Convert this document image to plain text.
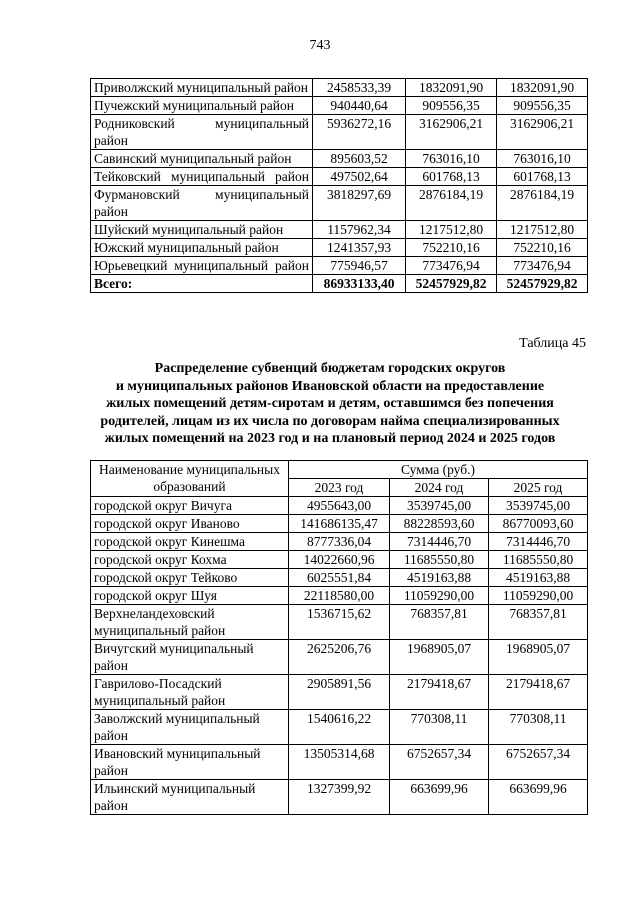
743
Приволжский муниципальный район	2458533,39	1832091,90	1832091,90
Пучежский муниципальный район	940440,64	909556,35	909556,35
Родниковский муниципальный район	5936272,16	3162906,21	3162906,21
Савинский муниципальный район	895603,52	763016,10	763016,10
Тейковский муниципальный район	497502,64	601768,13	601768,13
Фурмановский муниципальный район	3818297,69	2876184,19	2876184,19
Шуйский муниципальный район	1157962,34	1217512,80	1217512,80
Южский муниципальный район	1241357,93	752210,16	752210,16
Юрьевецкий муниципальный район	775946,57	773476,94	773476,94
Всего:	86933133,40	52457929,82	52457929,82
Таблица 45
Распределение субвенций бюджетам городских округов
и муниципальных районов Ивановской области на предоставление
жилых помещений детям-сиротам и детям, оставшимся без попечения
родителей, лицам из их числа по договорам найма специализированных
жилых помещений на 2023 год и на плановый период 2024 и 2025 годов
Наименование муниципальных образований	Сумма (руб.)		
	2023 год	2024 год	2025 год
городской округ Вичуга	4955643,00	3539745,00	3539745,00
городской округ Иваново	141686135,47	88228593,60	86770093,60
городской округ Кинешма	8777336,04	7314446,70	7314446,70
городской округ Кохма	14022660,96	11685550,80	11685550,80
городской округ Тейково	6025551,84	4519163,88	4519163,88
городской округ Шуя	22118580,00	11059290,00	11059290,00
Верхнеландеховский муниципальный район	1536715,62	768357,81	768357,81
Вичугский муниципальный район	2625206,76	1968905,07	1968905,07
Гаврилово-Посадский муниципальный район	2905891,56	2179418,67	2179418,67
Заволжский муниципальный район	1540616,22	770308,11	770308,11
Ивановский муниципальный район	13505314,68	6752657,34	6752657,34
Ильинский муниципальный район	1327399,92	663699,96	663699,96
